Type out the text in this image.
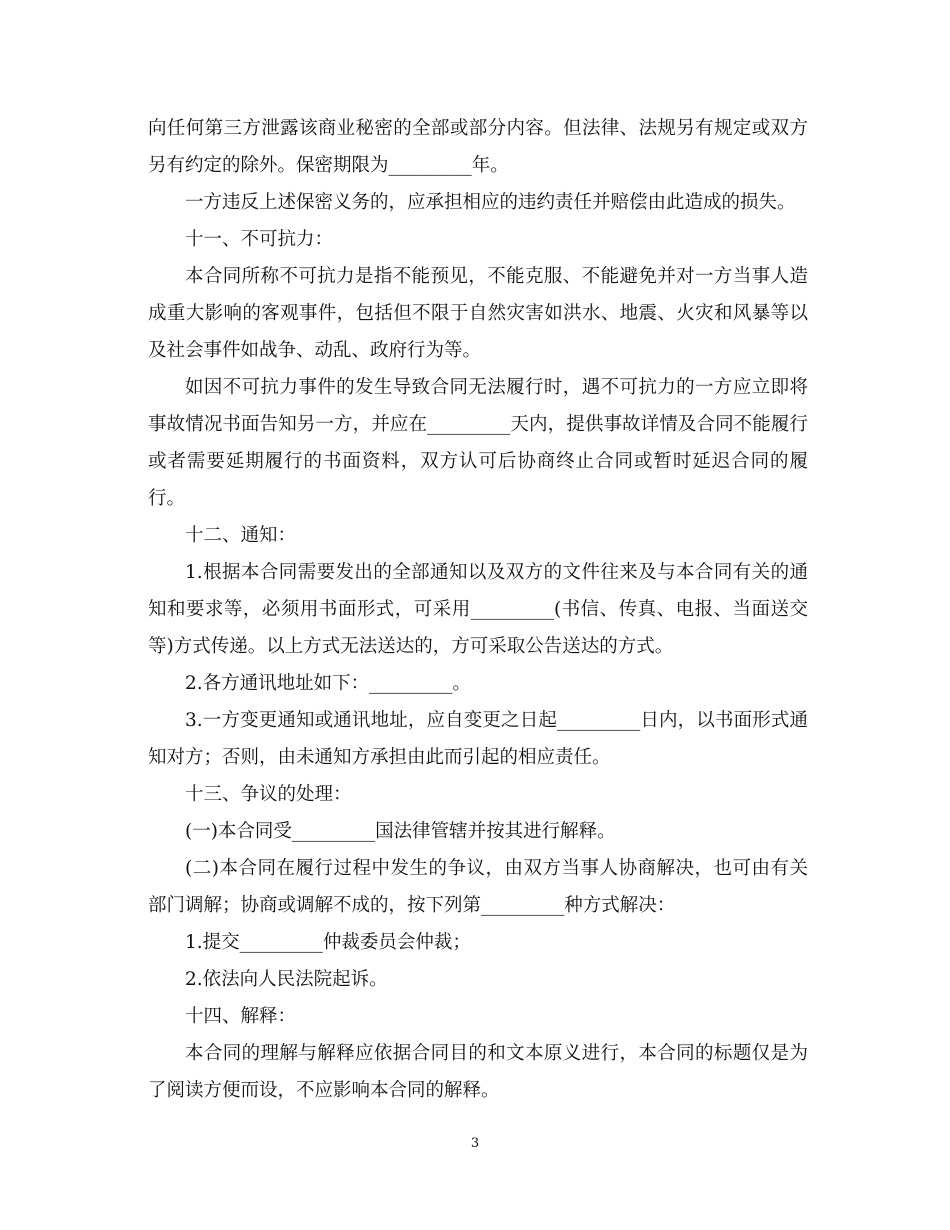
向任何第三方泄露该商业秘密的全部或部分内容。但法律、法规另有规定或双方另有约定的除外。保密期限为_________年。

一方违反上述保密义务的，应承担相应的违约责任并赔偿由此造成的损失。

十一、不可抗力：

本合同所称不可抗力是指不能预见，不能克服、不能避免并对一方当事人造成重大影响的客观事件，包括但不限于自然灾害如洪水、地震、火灾和风暴等以及社会事件如战争、动乱、政府行为等。

如因不可抗力事件的发生导致合同无法履行时，遇不可抗力的一方应立即将事故情况书面告知另一方，并应在_________天内，提供事故详情及合同不能履行或者需要延期履行的书面资料，双方认可后协商终止合同或暂时延迟合同的履行。

十二、通知：

1.根据本合同需要发出的全部通知以及双方的文件往来及与本合同有关的通知和要求等，必须用书面形式，可采用_________(书信、传真、电报、当面送交等)方式传递。以上方式无法送达的，方可采取公告送达的方式。

2.各方通讯地址如下：_________。

3.一方变更通知或通讯地址，应自变更之日起_________日内，以书面形式通知对方；否则，由未通知方承担由此而引起的相应责任。

十三、争议的处理：

(一)本合同受_________国法律管辖并按其进行解释。

(二)本合同在履行过程中发生的争议，由双方当事人协商解决，也可由有关部门调解；协商或调解不成的，按下列第_________种方式解决：

1.提交_________仲裁委员会仲裁；

2.依法向人民法院起诉。

十四、解释：

本合同的理解与解释应依据合同目的和文本原义进行，本合同的标题仅是为了阅读方便而设，不应影响本合同的解释。

3
